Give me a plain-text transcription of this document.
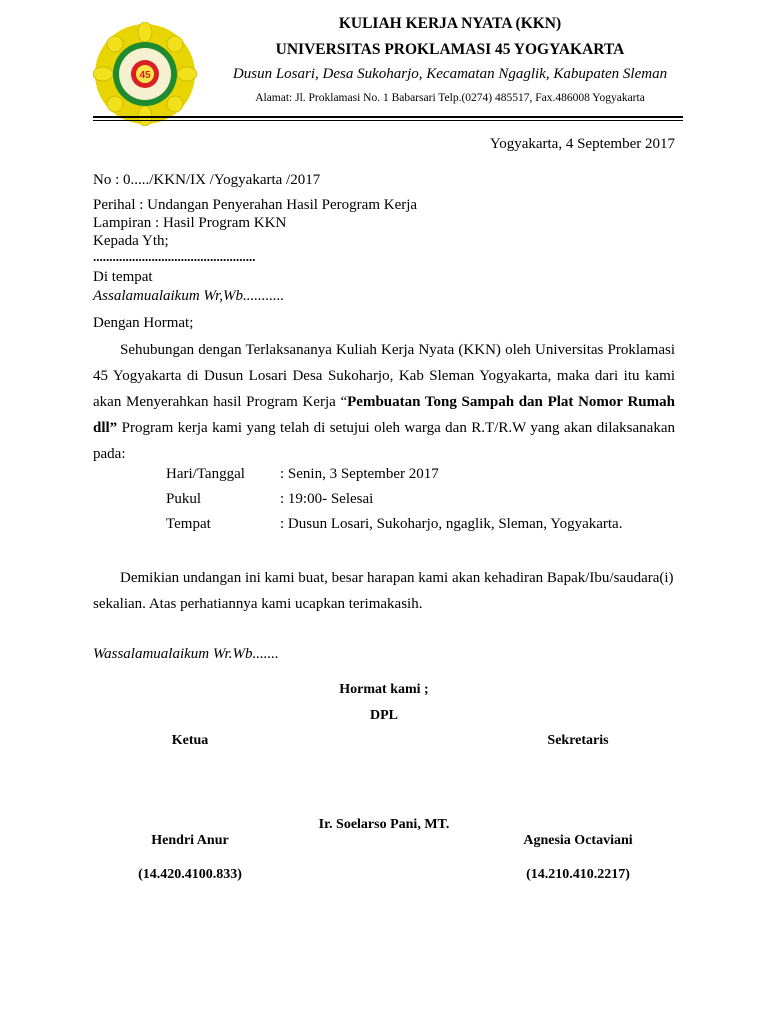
45
KULIAH KERJA NYATA (KKN)
UNIVERSITAS PROKLAMASI 45 YOGYAKARTA
Dusun Losari, Desa Sukoharjo, Kecamatan Ngaglik, Kabupaten Sleman
Alamat: Jl. Proklamasi No. 1 Babarsari Telp.(0274) 485517, Fax.486008 Yogyakarta
Yogyakarta, 4 September 2017
No : 0...../KKN/IX /Yogyakarta /2017
Perihal : Undangan Penyerahan Hasil Perogram Kerja
Lampiran : Hasil Program KKN
Kepada Yth;
..................................................
Di tempat
Assalamualaikum Wr,Wb...........
Dengan Hormat;
Sehubungan dengan Terlaksananya Kuliah Kerja Nyata (KKN) oleh Universitas Proklamasi 45 Yogyakarta di Dusun Losari Desa Sukoharjo, Kab Sleman Yogyakarta, maka dari itu kami akan Menyerahkan hasil Program Kerja “Pembuatan Tong Sampah dan Plat Nomor Rumah dll” Program kerja kami yang telah di setujui oleh warga dan R.T/R.W yang akan dilaksanakan pada:
Hari/Tanggal : Senin, 3 September 2017
Pukul	: 19:00- Selesai
Tempat	: Dusun Losari, Sukoharjo, ngaglik, Sleman, Yogyakarta.
Demikian undangan ini kami buat, besar harapan kami akan kehadiran Bapak/Ibu/saudara(i) sekalian. Atas perhatiannya kami ucapkan terimakasih.
Wassalamualaikum Wr.Wb.......
Hormat kami ;
DPL
Ketua	Sekretaris
Ir. Soelarso Pani, MT.
Hendri Anur	Agnesia Octaviani
(14.420.4100.833)	(14.210.410.2217)
